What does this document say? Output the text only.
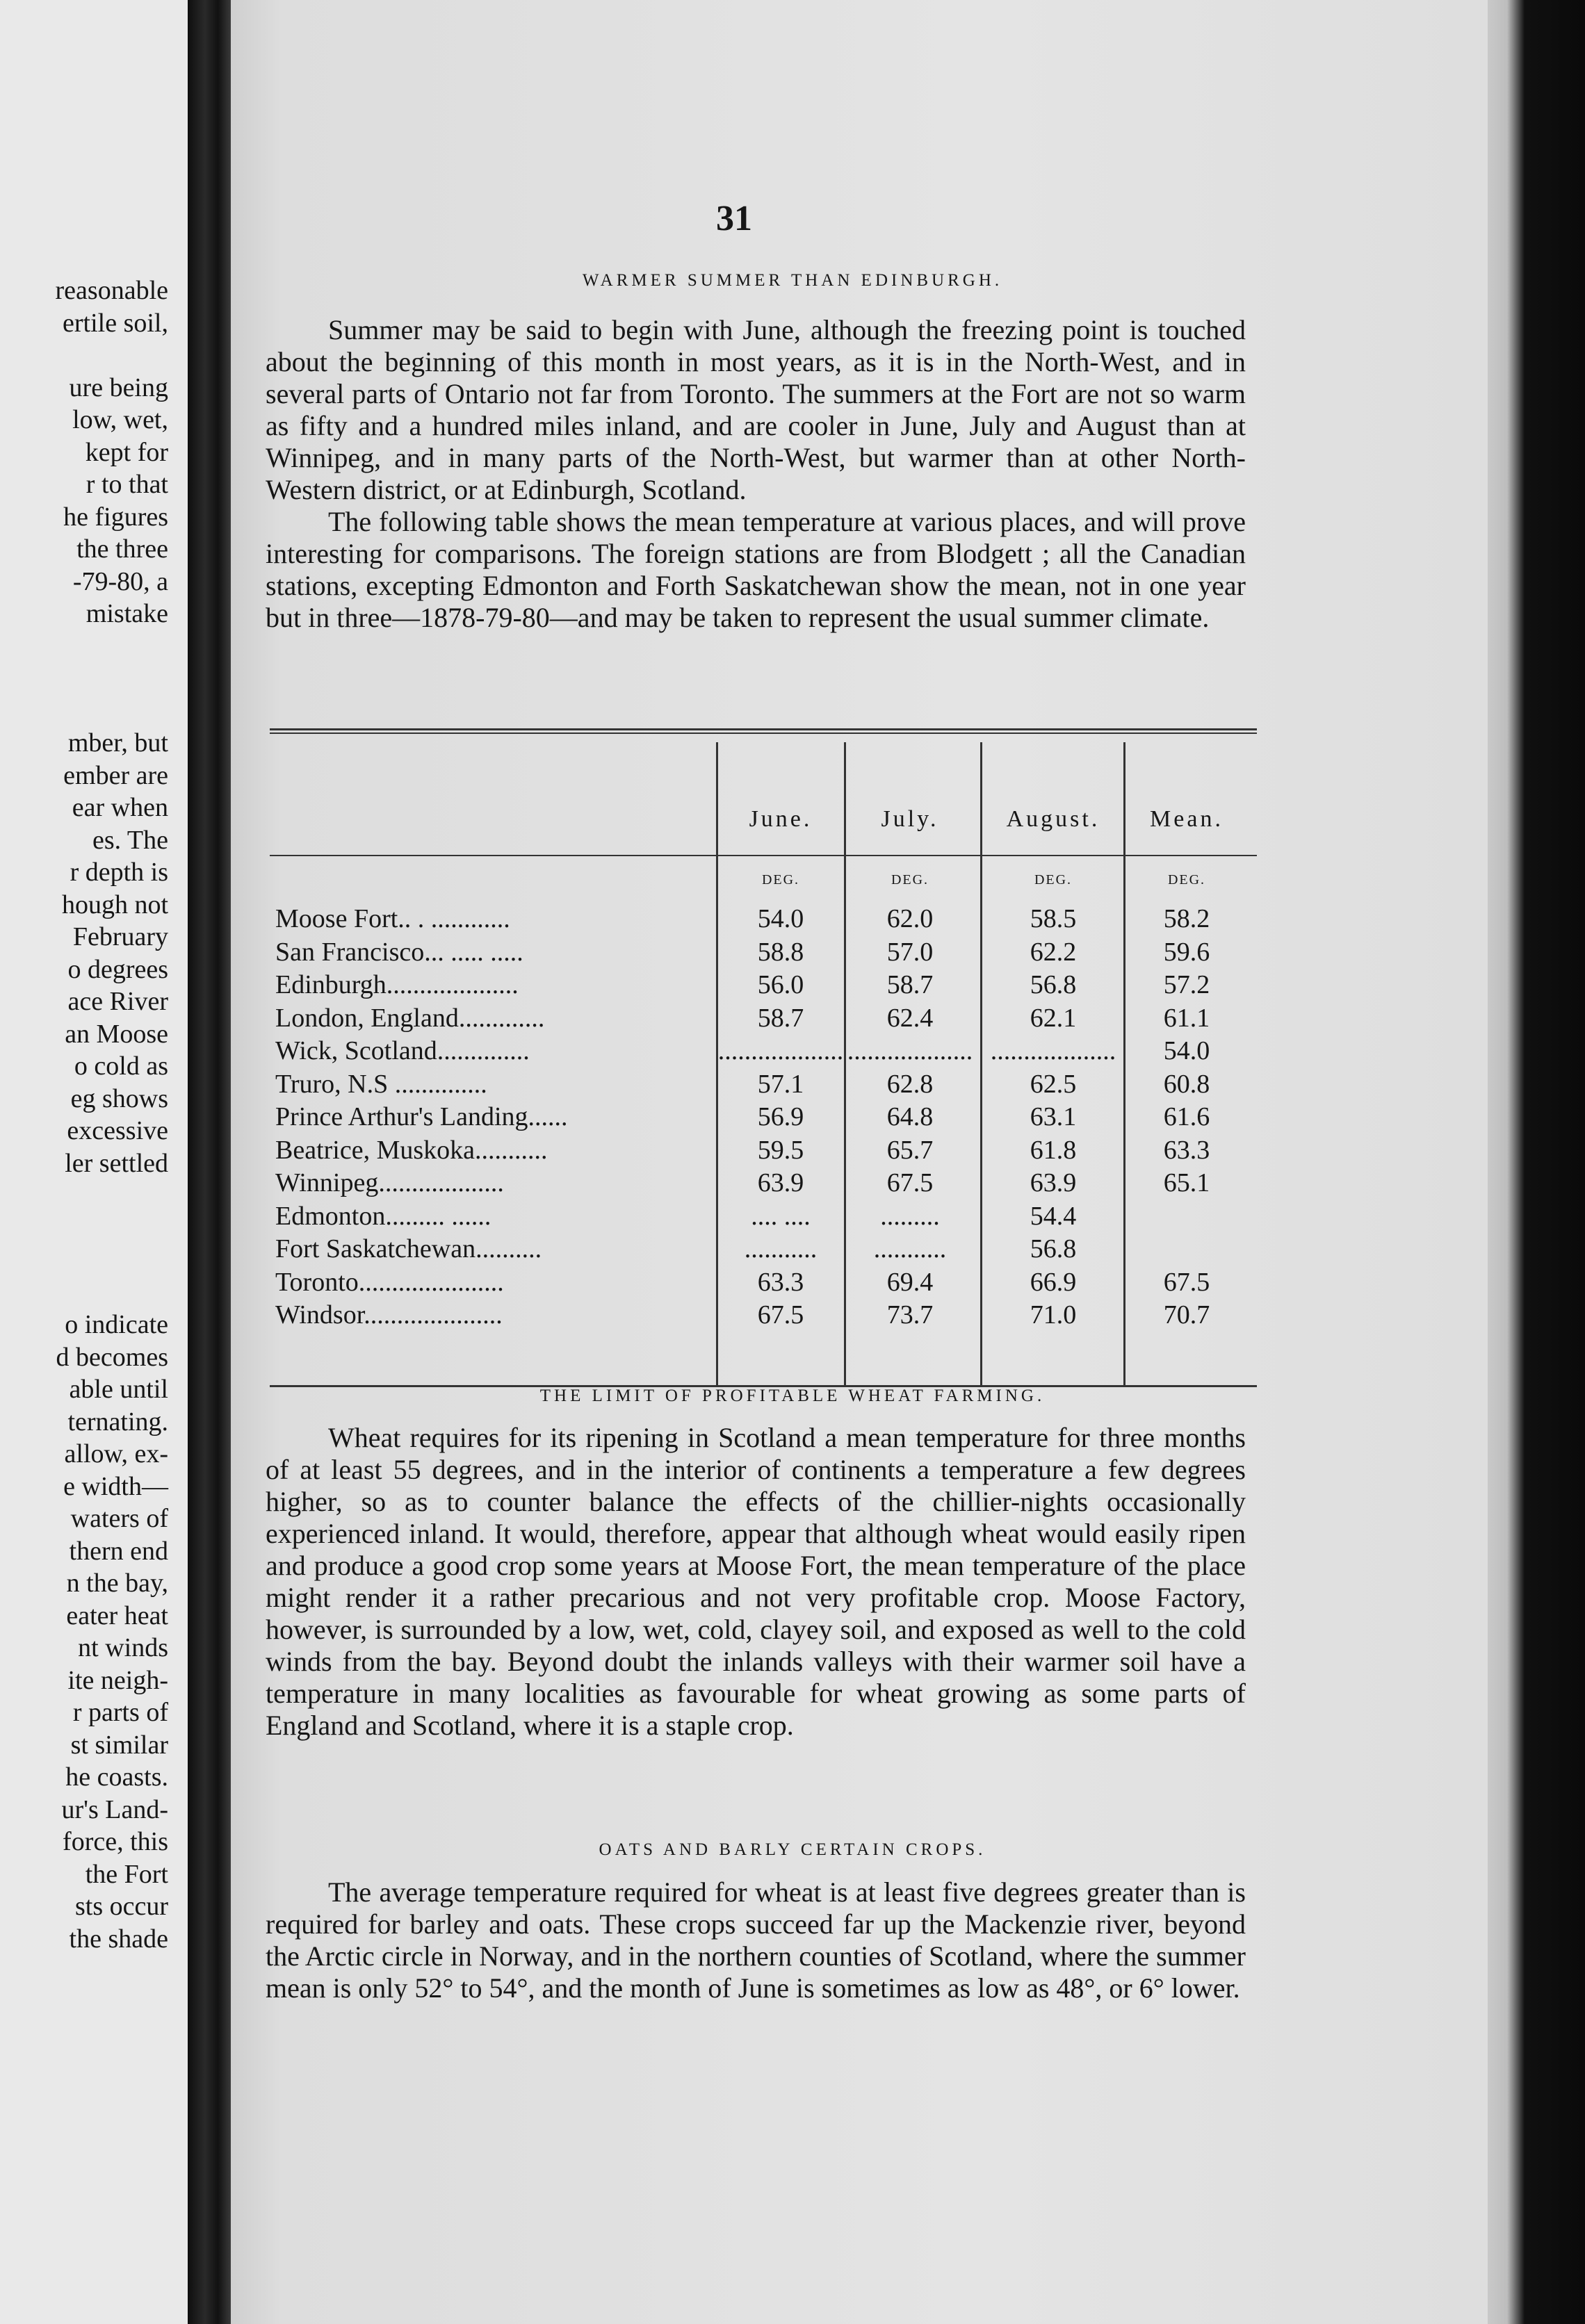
reasonable
ertile soil,
ure being
low, wet,
kept for
r to that
he figures
the three
-79-80, a
mistake
mber, but
ember are
ear when
es. The
r depth is
hough not
February
o degrees
ace River
an Moose
o cold as
eg shows
excessive
ler settled
o indicate
d becomes
able until
ternating.
allow, ex-
e width—
waters of
thern end
n the bay,
eater heat
nt winds
ite neigh-
r parts of
st similar
he coasts.
ur's Land-
force, this
the Fort
sts occur
the shade
31
WARMER SUMMER THAN EDINBURGH.

Summer may be said to begin with June, although the freezing point is touched about the beginning of this month in most years, as it is in the North-West, and in several parts of Ontario not far from Toronto. The summers at the Fort are not so warm as fifty and a hundred miles inland, and are cooler in June, July and August than at Winnipeg, and in many parts of the North-West, but warmer than at other North-Western district, or at Edinburgh, Scotland.

The following table shows the mean temperature at various places, and will prove interesting for comparisons. The foreign stations are from Blodgett ; all the Canadian stations, excepting Edmonton and Forth Saskatchewan show the mean, not in one year but in three—1878-79-80—and may be taken to represent the usual summer climate.

June.	July.	August.	Mean.
DEG.	DEG.	DEG.	DEG.
Moose Fort.. . ............	54.0	62.0	58.5	58.2
San Francisco... ..... .....	58.8	57.0	62.2	59.6
Edinburgh....................	56.0	58.7	56.8	57.2
London, England.............	58.7	62.4	62.1	61.1
Wick, Scotland..............	................... ................... ...................	54.0
Truro, N.S ..............	57.1	62.8	62.5	60.8
Prince Arthur's Landing......	56.9	64.8	63.1	61.6
Beatrice, Muskoka...........	59.5	65.7	61.8	63.3
Winnipeg...................	63.9	67.5	63.9	65.1
Edmonton......... ......	.... ....	.........	54.4
Fort Saskatchewan..........	...........	...........	56.8
Toronto......................	63.3	69.4	66.9	67.5
Windsor.....................	67.5	73.7	71.0	70.7
THE LIMIT OF PROFITABLE WHEAT FARMING.

Wheat requires for its ripening in Scotland a mean temperature for three months of at least 55 degrees, and in the interior of continents a temperature a few degrees higher, so as to counter balance the effects of the chillier-nights occasionally experienced inland. It would, therefore, appear that although wheat would easily ripen and produce a good crop some years at Moose Fort, the mean temperature of the place might render it a rather precarious and not very profitable crop. Moose Factory, however, is surrounded by a low, wet, cold, clayey soil, and exposed as well to the cold winds from the bay. Beyond doubt the inlands valleys with their warmer soil have a temperature in many localities as favourable for wheat growing as some parts of England and Scotland, where it is a staple crop.

OATS AND BARLY CERTAIN CROPS.

The average temperature required for wheat is at least five degrees greater than is required for barley and oats. These crops succeed far up the Mackenzie river, beyond the Arctic circle in Norway, and in the northern counties of Scotland, where the summer mean is only 52° to 54°, and the month of June is sometimes as low as 48°, or 6° lower.
